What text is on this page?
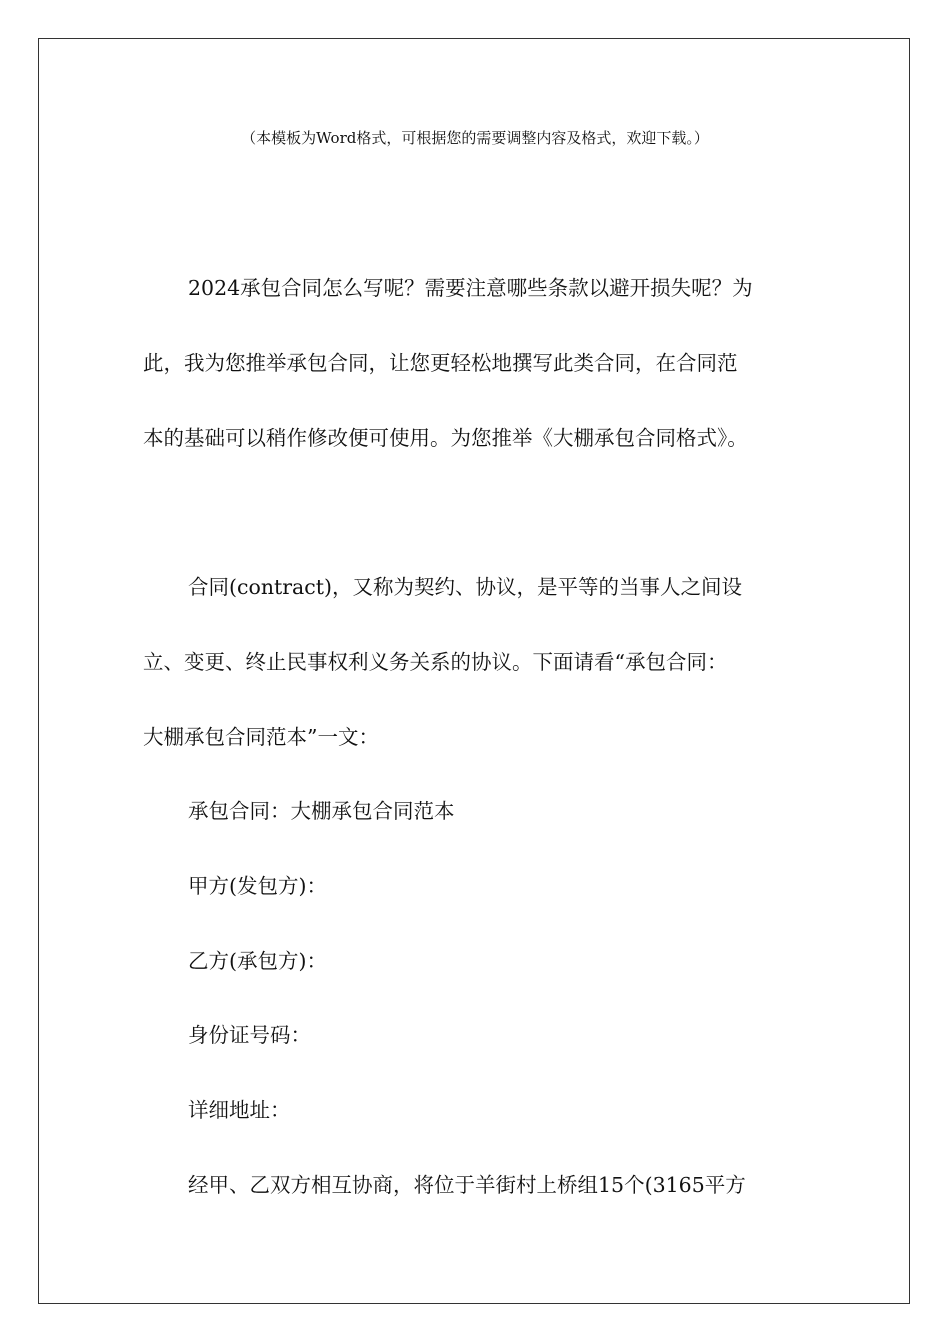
（本模板为Word格式，可根据您的需要调整内容及格式，欢迎下载。）
2024承包合同怎么写呢？需要注意哪些条款以避开损失呢？为
此，我为您推举承包合同，让您更轻松地撰写此类合同，在合同范
本的基础可以稍作修改便可使用。为您推举《大棚承包合同格式》。
合同(contract)，又称为契约、协议，是平等的当事人之间设
立、变更、终止民事权利义务关系的协议。下面请看“承包合同：
大棚承包合同范本”一文：
承包合同：大棚承包合同范本
甲方(发包方)：
乙方(承包方)：
身份证号码：
详细地址：
经甲、乙双方相互协商，将位于羊街村上桥组15个(3165平方
